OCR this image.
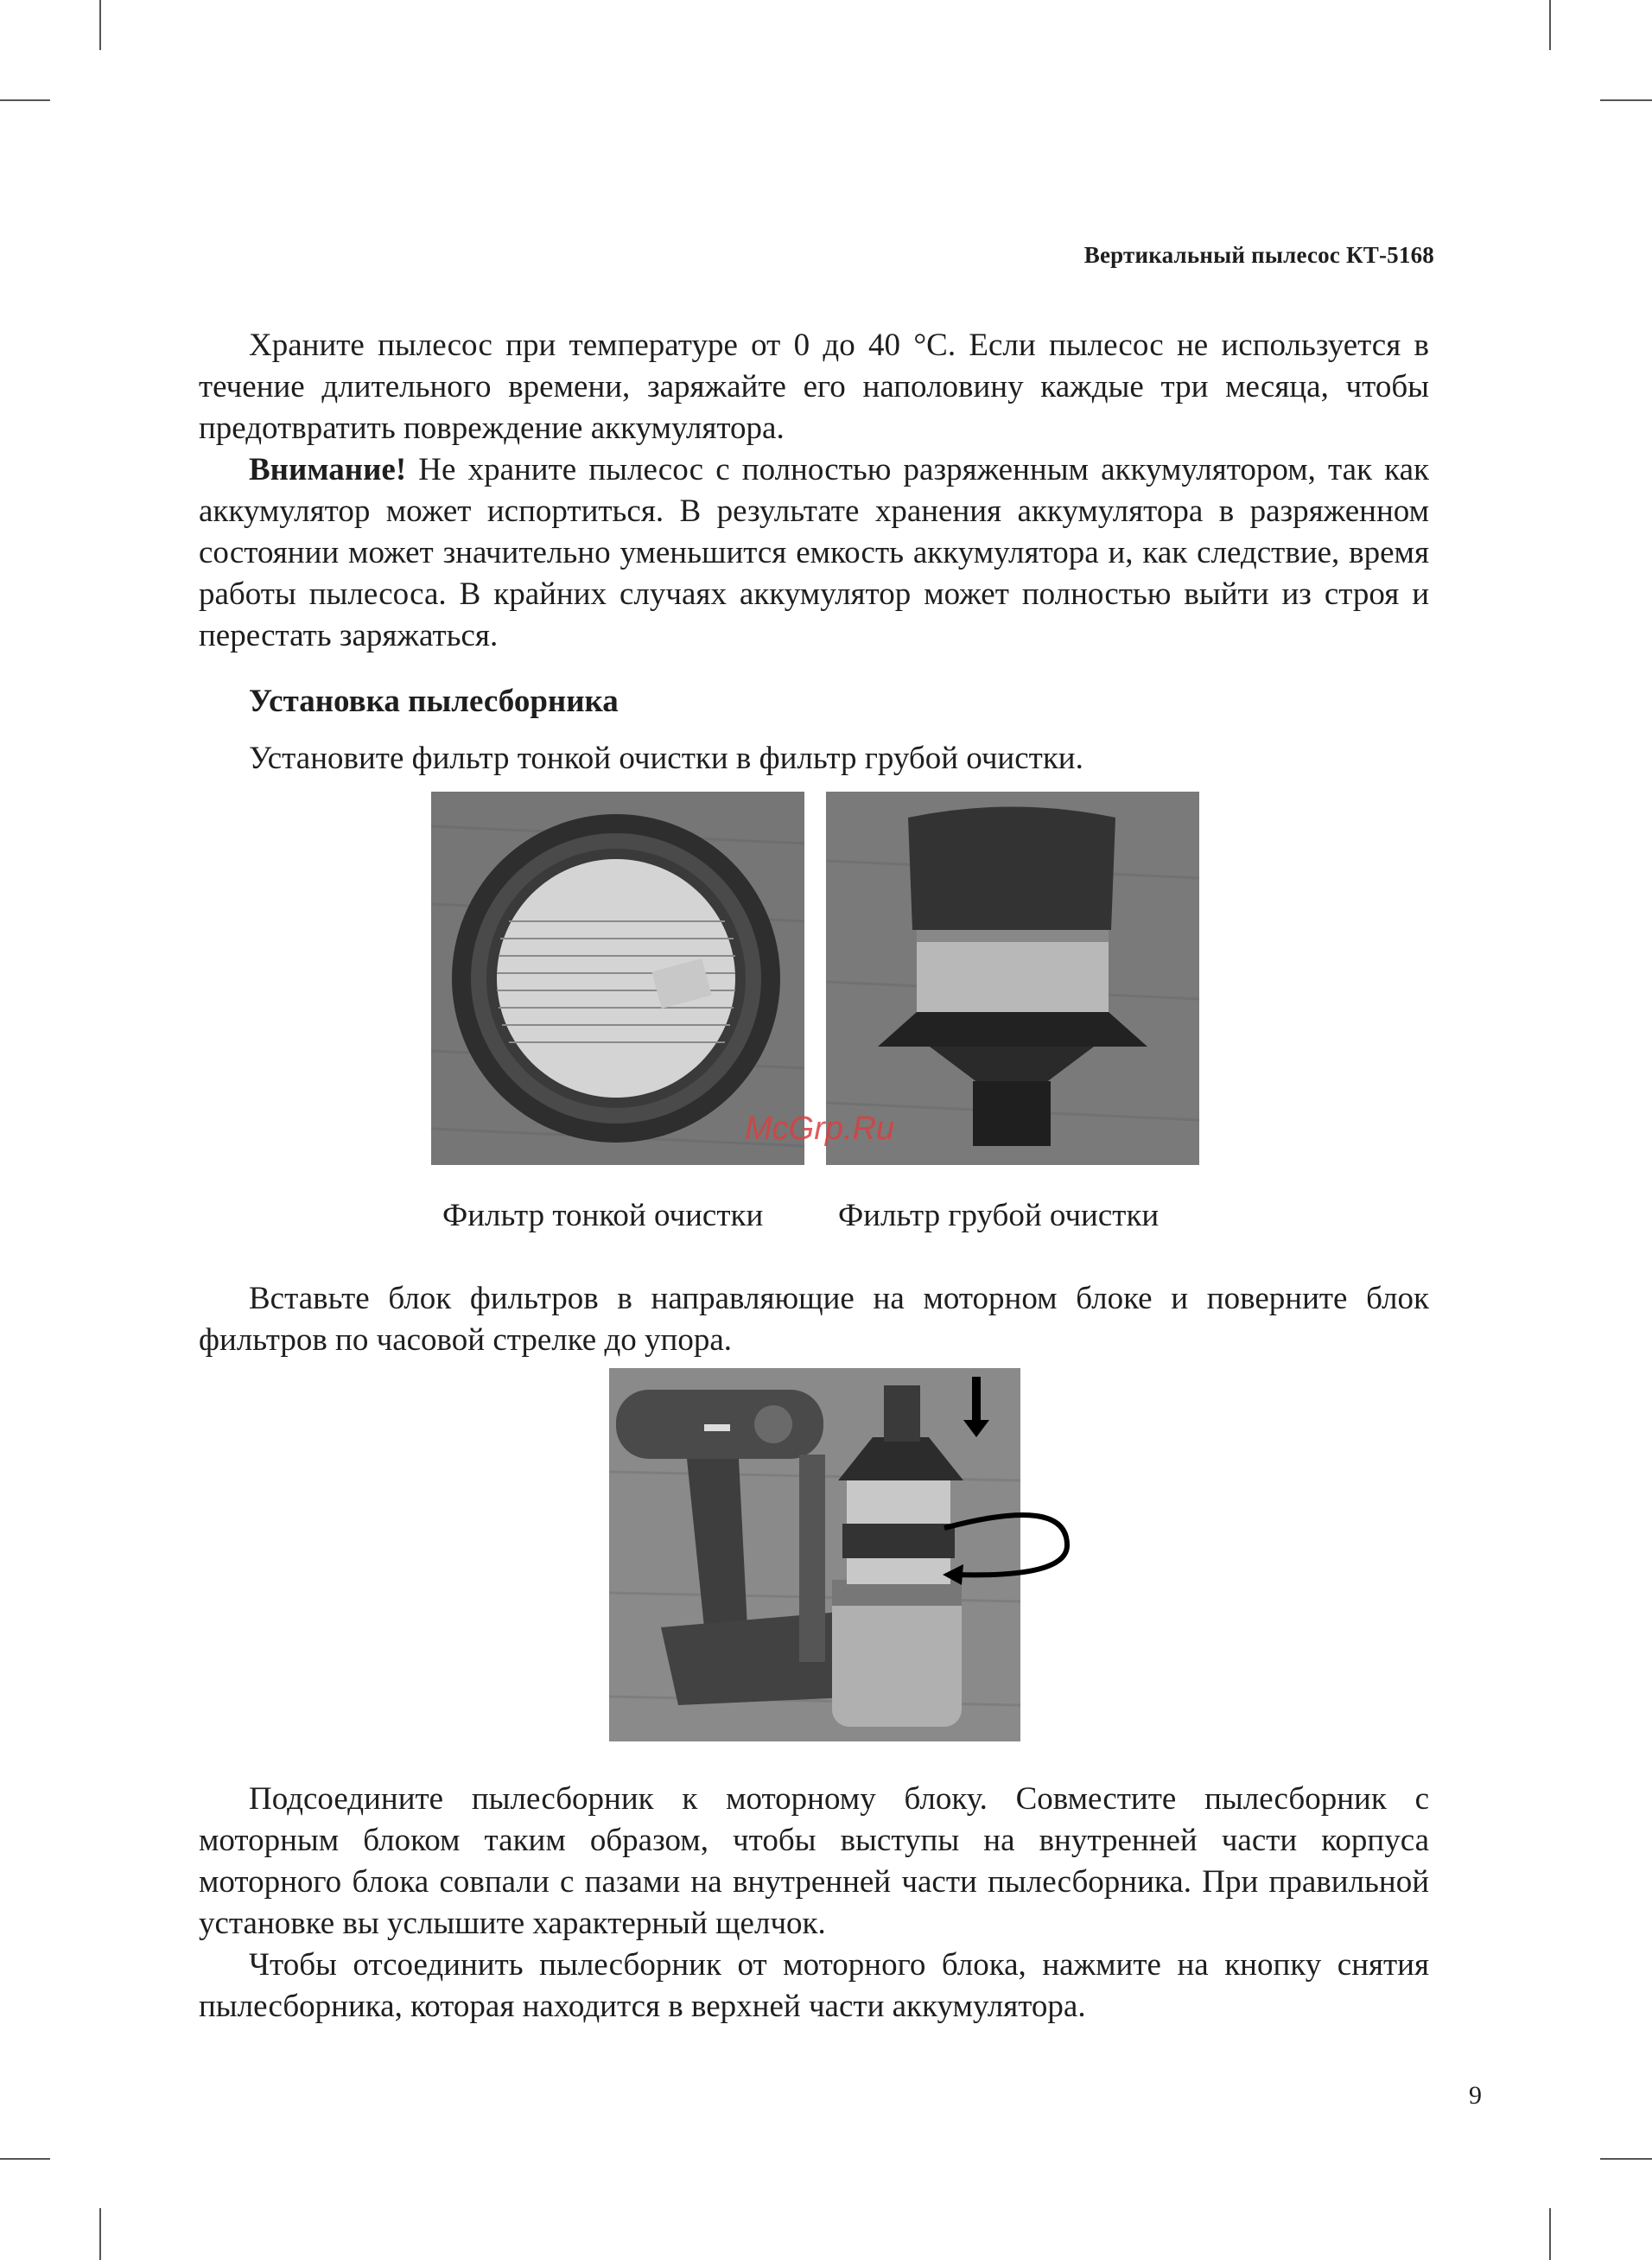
Вертикальный пылесос КТ-5168

Храните пылесос при температуре от 0 до 40 °С. Если пылесос не используется в течение длительного времени, заряжайте его наполовину каждые три месяца, чтобы предотвратить повреждение аккумулятора.

Внимание! Не храните пылесос с полностью разряженным аккумулятором, так как аккумулятор может испортиться. В результате хранения аккумулятора в разряженном состоянии может значительно уменьшится емкость аккумулятора и, как следствие, время работы пылесоса. В крайних случаях аккумулятор может полностью выйти из строя и перестать заряжаться.

Установка пылесборника
Установите фильтр тонкой очистки в фильтр грубой очистки.
McGrp.Ru
Фильтр тонкой очистки Фильтр грубой очистки

Вставьте блок фильтров в направляющие на моторном блоке и поверните блок фильтров по часовой стрелке до упора.

Подсоедините пылесборник к моторному блоку. Совместите пылесборник с моторным блоком таким образом, чтобы выступы на внутренней части корпуса моторного блока совпали с пазами на внутренней части пылесборника. При правильной установке вы услышите характерный щелчок.

Чтобы отсоединить пылесборник от моторного блока, нажмите на кнопку снятия пылесборника, которая находится в верхней части аккумулятора.

9
